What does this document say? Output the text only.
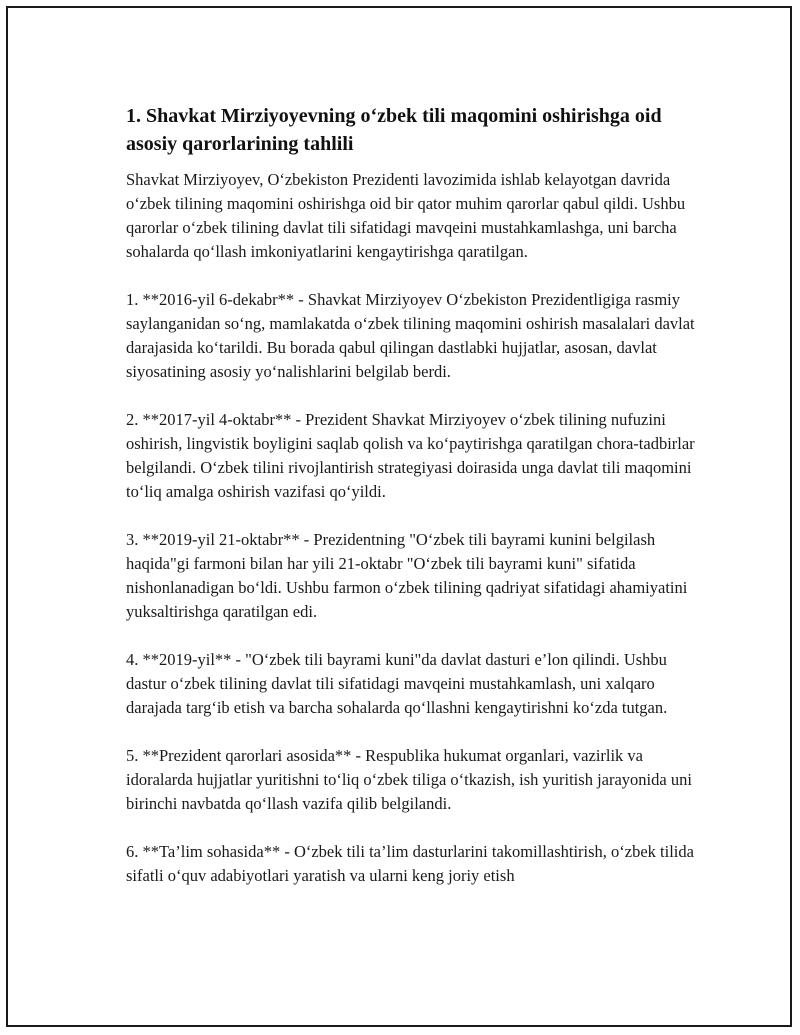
1. Shavkat Mirziyoyevning oʻzbek tili maqomini oshirishga oid asosiy qarorlarining tahlili

Shavkat Mirziyoyev, Oʻzbekiston Prezidenti lavozimida ishlab kelayotgan davrida oʻzbek tilining maqomini oshirishga oid bir qator muhim qarorlar qabul qildi. Ushbu qarorlar oʻzbek tilining davlat tili sifatidagi mavqeini mustahkamlashga, uni barcha sohalarda qoʻllash imkoniyatlarini kengaytirishga qaratilgan.

1. **2016-yil 6-dekabr** - Shavkat Mirziyoyev Oʻzbekiston Prezidentligiga rasmiy saylanganidan soʻng, mamlakatda oʻzbek tilining maqomini oshirish masalalari davlat darajasida koʻtarildi. Bu borada qabul qilingan dastlabki hujjatlar, asosan, davlat siyosatining asosiy yoʻnalishlarini belgilab berdi.

2. **2017-yil 4-oktabr** - Prezident Shavkat Mirziyoyev oʻzbek tilining nufuzini oshirish, lingvistik boyligini saqlab qolish va koʻpaytirishga qaratilgan chora-tadbirlar belgilandi. Oʻzbek tilini rivojlantirish strategiyasi doirasida unga davlat tili maqomini toʻliq amalga oshirish vazifasi qoʻyildi.

3. **2019-yil 21-oktabr** - Prezidentning "Oʻzbek tili bayrami kunini belgilash haqida"gi farmoni bilan har yili 21-oktabr "Oʻzbek tili bayrami kuni" sifatida nishonlanadigan boʻldi. Ushbu farmon oʻzbek tilining qadriyat sifatidagi ahamiyatini yuksaltirishga qaratilgan edi.

4. **2019-yil** - "Oʻzbek tili bayrami kuni"da davlat dasturi e’lon qilindi. Ushbu dastur oʻzbek tilining davlat tili sifatidagi mavqeini mustahkamlash, uni xalqaro darajada targʻib etish va barcha sohalarda qoʻllashni kengaytirishni koʻzda tutgan.

5. **Prezident qarorlari asosida** - Respublika hukumat organlari, vazirlik va idoralarda hujjatlar yuritishni toʻliq oʻzbek tiliga oʻtkazish, ish yuritish jarayonida uni birinchi navbatda qoʻllash vazifa qilib belgilandi.

6. **Ta’lim sohasida** - Oʻzbek tili ta’lim dasturlarini takomillashtirish, oʻzbek tilida sifatli oʻquv adabiyotlari yaratish va ularni keng joriy etish
